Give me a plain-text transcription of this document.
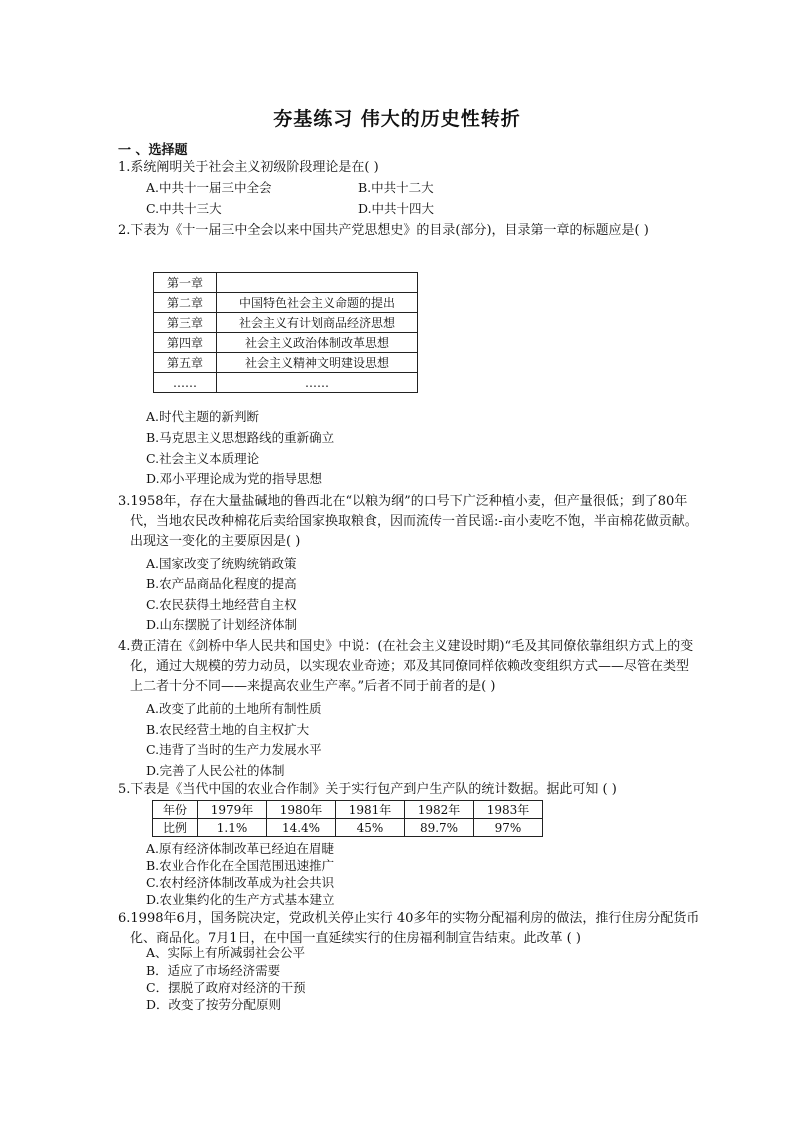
夯基练习 伟大的历史性转折
一 、选择题
1.系统阐明关于社会主义初级阶段理论是在( )
A.中共十一届三中全会	B.中共十二大
C.中共十三大	D.中共十四大
2.下表为《十一届三中全会以来中国共产党思想史》的目录(部分)，目录第一章的标题应是( )
第一章	
第二章	中国特色社会主义命题的提出
第三章	社会主义有计划商品经济思想
第四章	社会主义政治体制改革思想
第五章	社会主义精神文明建设思想
……	……
A.时代主题的新判断
B.马克思主义思想路线的重新确立
C.社会主义本质理论
D.邓小平理论成为党的指导思想
3.1958年，存在大量盐碱地的鲁西北在“以粮为纲”的口号下广泛种植小麦，但产量很低；到了80年代，当地农民改种棉花后卖给国家换取粮食，因而流传一首民谣:-亩小麦吃不饱，半亩棉花做贡献。出现这一变化的主要原因是( )
A.国家改变了统购统销政策
B.农产品商品化程度的提高
C.农民获得土地经营自主权
D.山东摆脱了计划经济体制
4.费正清在《剑桥中华人民共和国史》中说：(在社会主义建设时期)“毛及其同僚依靠组织方式上的变化，通过大规模的劳力动员，以实现农业奇迹；邓及其同僚同样依赖改变组织方式——尽管在类型上二者十分不同——来提高农业生产率。”后者不同于前者的是( )
A.改变了此前的土地所有制性质
B.农民经营土地的自主权扩大
C.违背了当时的生产力发展水平
D.完善了人民公社的体制
5.下表是《当代中国的农业合作制》关于实行包产到户生产队的统计数据。据此可知 ( )
年份	1979年	1980年	1981年	1982年	1983年
比例	1.1%	14.4%	45%	89.7%	97%
A.原有经济体制改革已经迫在眉睫
B.农业合作化在全国范围迅速推广
C.农村经济体制改革成为社会共识
D.农业集约化的生产方式基本建立
6.1998年6月，国务院决定，党政机关停止实行 40多年的实物分配福利房的做法，推行住房分配货币化、商品化。7月1日，在中国一直延续实行的住房福利制宣告结束。此改革 ( )
A、实际上有所减弱社会公平
B．适应了市场经济需要
C．摆脱了政府对经济的干预
D．改变了按劳分配原则
